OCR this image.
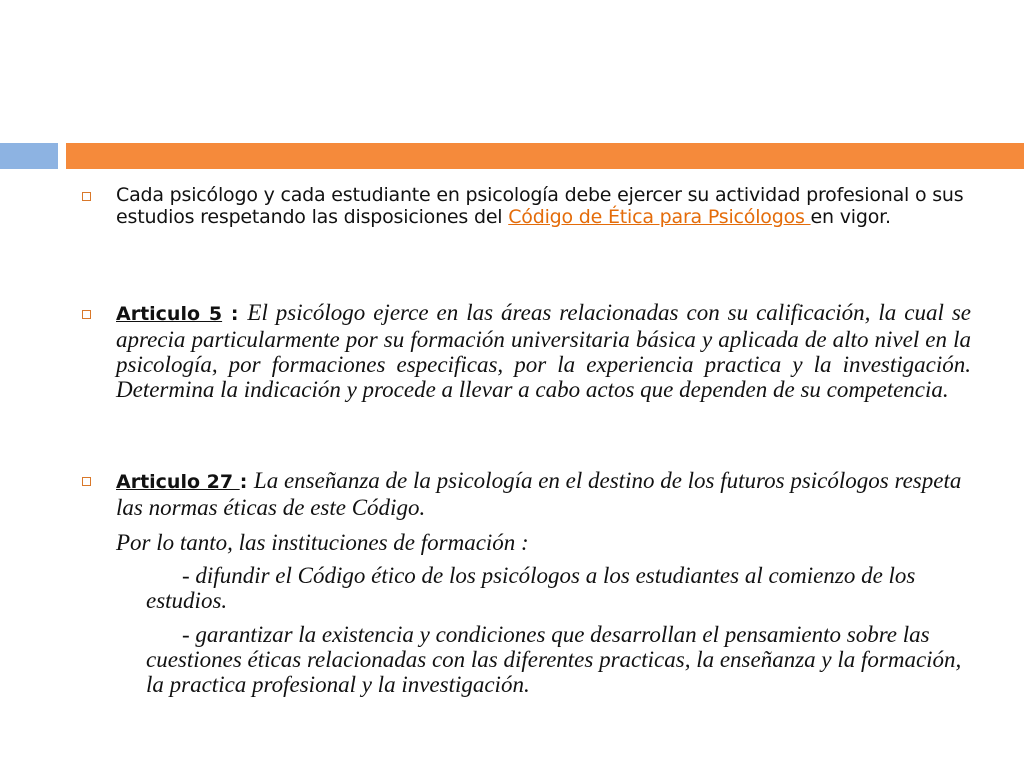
Cada psicólogo y cada estudiante en psicología debe ejercer su actividad profesional o sus estudios respetando las disposiciones del Código de Ética para Psicólogos en vigor.
Articulo 5 : El psicólogo ejerce en las áreas relacionadas con su calificación, la cual se aprecia particularmente por su formación universitaria básica y aplicada de alto nivel en la psicología, por formaciones especificas, por la experiencia practica y la investigación. Determina la indicación y procede a llevar a cabo actos que dependen de su competencia.
Articulo 27 : La enseñanza de la psicología en el destino de los futuros psicólogos respeta las normas éticas de este Código.
Por lo tanto, las instituciones de formación :
- difundir el Código ético de los psicólogos a los estudiantes al comienzo de los estudios.
- garantizar la existencia y condiciones que desarrollan el pensamiento sobre las cuestiones éticas relacionadas con las diferentes practicas, la enseñanza y la formación, la practica profesional y la investigación.
